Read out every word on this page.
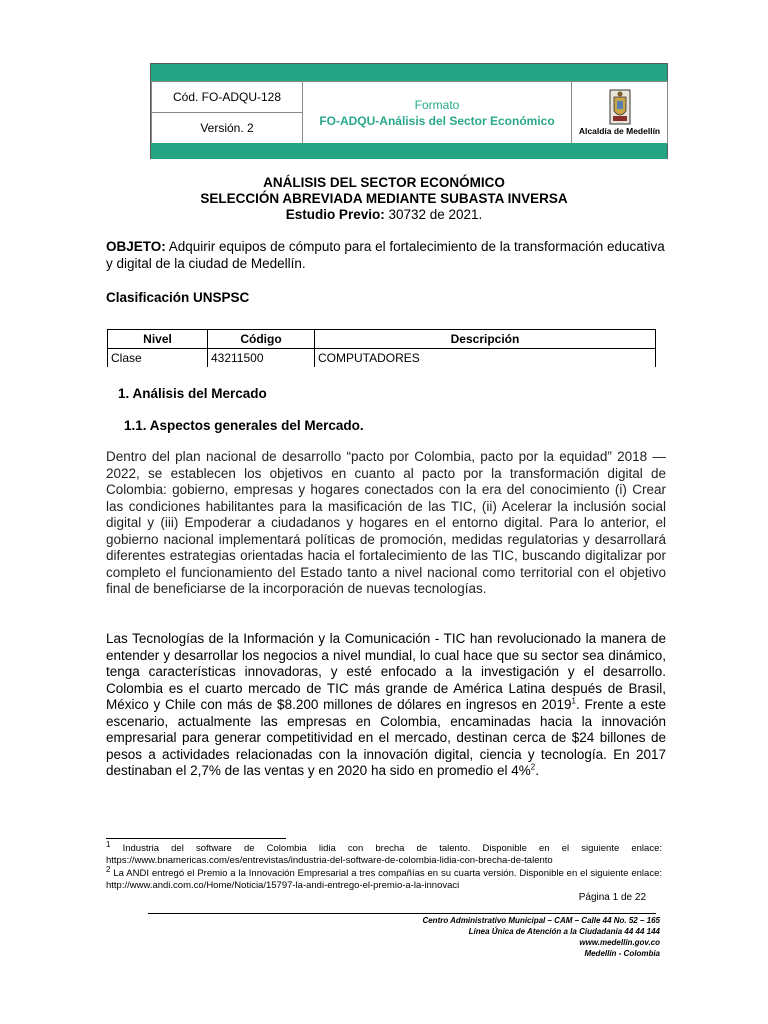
Cód. FO-ADQU-128
Versión. 2
Formato
FO-ADQU-Análisis del Sector Económico
Alcaldía de Medellín
ANÁLISIS DEL SECTOR ECONÓMICO
SELECCIÓN ABREVIADA MEDIANTE SUBASTA INVERSA
Estudio Previo: 30732 de 2021.
OBJETO: Adquirir equipos de cómputo para el fortalecimiento de la transformación educativa y digital de la ciudad de Medellín.
Clasificación UNSPSC
Nivel	Código	Descripción
Clase	43211500	COMPUTADORES
1. Análisis del Mercado
1.1. Aspectos generales del Mercado.
Dentro del plan nacional de desarrollo “pacto por Colombia, pacto por la equidad” 2018 — 2022, se establecen los objetivos en cuanto al pacto por la transformación digital de Colombia: gobierno, empresas y hogares conectados con la era del conocimiento (i) Crear las condiciones habilitantes para la masificación de las TIC, (ii) Acelerar la inclusión social digital y (iii) Empoderar a ciudadanos y hogares en el entorno digital. Para lo anterior, el gobierno nacional implementará políticas de promoción, medidas regulatorias y desarrollará diferentes estrategias orientadas hacia el fortalecimiento de las TIC, buscando digitalizar por completo el funcionamiento del Estado tanto a nivel nacional como territorial con el objetivo final de beneficiarse de la incorporación de nuevas tecnologías.
Las Tecnologías de la Información y la Comunicación - TIC han revolucionado la manera de entender y desarrollar los negocios a nivel mundial, lo cual hace que su sector sea dinámico, tenga características innovadoras, y esté enfocado a la investigación y el desarrollo. Colombia es el cuarto mercado de TIC más grande de América Latina después de Brasil, México y Chile con más de $8.200 millones de dólares en ingresos en 2019$^1$. Frente a este escenario, actualmente las empresas en Colombia, encaminadas hacia la innovación empresarial para generar competitividad en el mercado, destinan cerca de $24 billones de pesos a actividades relacionadas con la innovación digital, ciencia y tecnología. En 2017 destinaban el 2,7% de las ventas y en 2020 ha sido en promedio el 4%$^2$.
$^1$ Industria del software de Colombia lidia con brecha de talento. Disponible en el siguiente enlace: https://www.bnamericas.com/es/entrevistas/industria-del-software-de-colombia-lidia-con-brecha-de-talento
$^2$ La ANDI entregó el Premio a la Innovación Empresarial a tres compañías en su cuarta versión. Disponible en el siguiente enlace: http://www.andi.com.co/Home/Noticia/15797-la-andi-entrego-el-premio-a-la-innovaci
Página 1 de 22
Centro Administrativo Municipal – CAM – Calle 44 No. 52 – 165
Línea Única de Atención a la Ciudadanía 44 44 144
www.medellin.gov.co
Medellín - Colombia
